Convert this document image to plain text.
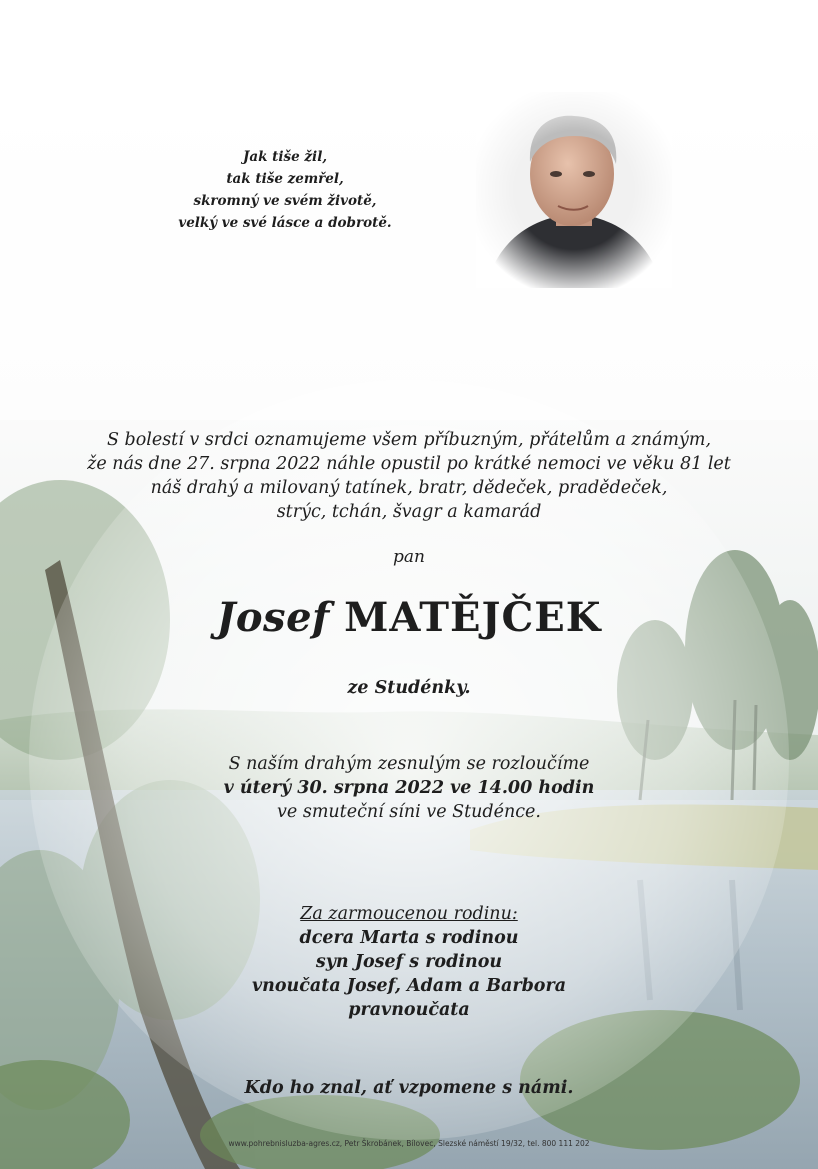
Jak tiše žil,
tak tiše zemřel,
skromný ve svém životě,
velký ve své lásce a dobrotě.
S bolestí v srdci oznamujeme všem příbuzným, přátelům a známým,
že nás dne 27. srpna 2022 náhle opustil po krátké nemoci ve věku 81 let
náš drahý a milovaný tatínek, bratr, dědeček, pradědeček,
strýc, tchán, švagr a kamarád
pan
Josef MATĚJČEK
ze Studénky.
S naším drahým zesnulým se rozloučíme
v úterý 30. srpna 2022 ve 14.00 hodin
ve smuteční síni ve Studénce.
Za zarmoucenou rodinu:
dcera Marta s rodinou
syn Josef s rodinou
vnoučata Josef, Adam a Barbora
pravnoučata
Kdo ho znal, ať vzpomene s námi.
www.pohrebnisluzba-agres.cz, Petr Škrobánek, Bílovec, Slezské náměstí 19/32, tel. 800 111 202
